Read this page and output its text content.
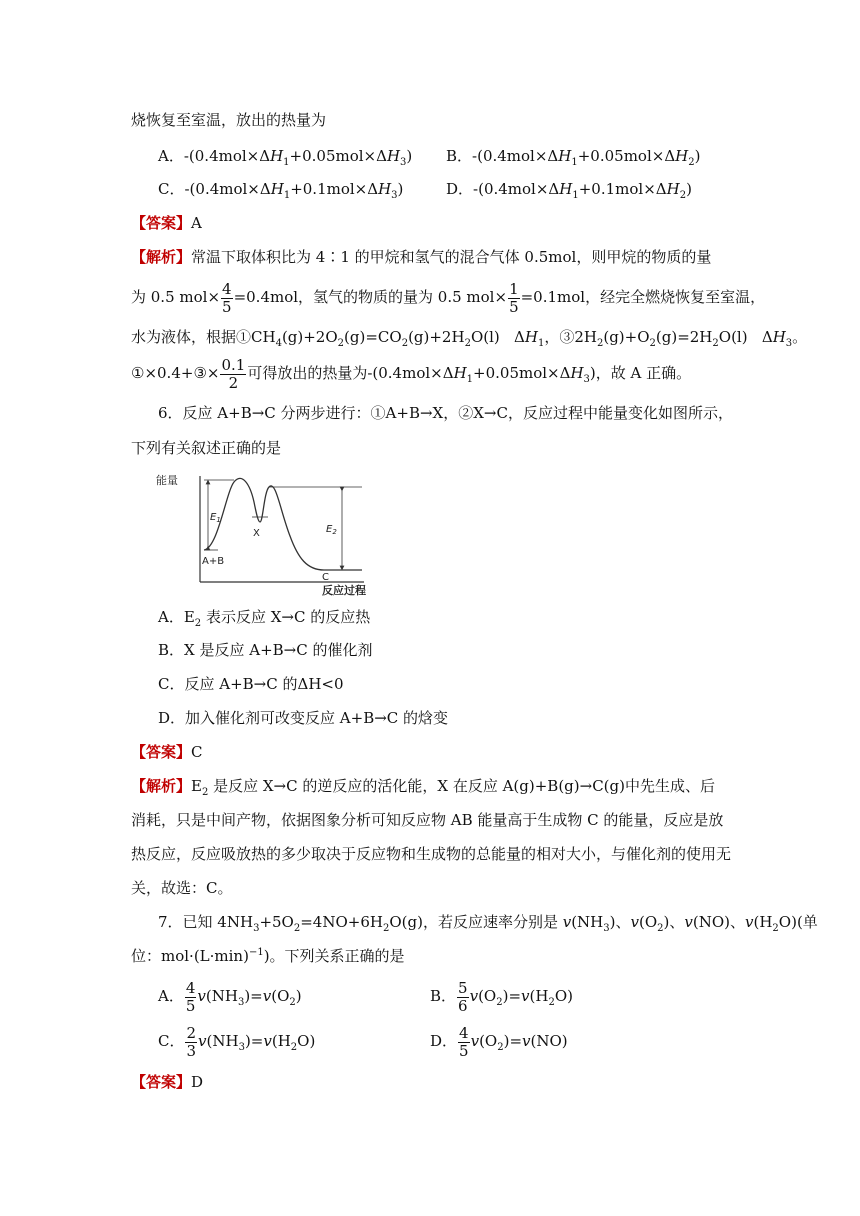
烧恢复至室温，放出的热量为
A．$-(0.4mol\times\Delta H_1+0.05mol\times\Delta H_3)$ B．$-(0.4mol\times\Delta H_1+0.05mol\times\Delta H_2)$
C．$-(0.4mol\times\Delta H_1+0.1mol\times\Delta H_3)$	D．$-(0.4mol\times\Delta H_1+0.1mol\times\Delta H_2)$
【答案】A
【解析】常温下取体积比为 4∶1 的甲烷和氢气的混合气体 0.5mol，则甲烷的物质的量
为 0.5 $mol\times \frac{4}{5} =0.4mol$，氢气的物质的量为 0.5 $mol\times \frac{1}{5} =0.1mol$，经完全燃烧恢复至室温，
水为液体，根据$①CH_4(g)+2O_2(g)=CO_2(g)+2H_2O(l)$   $\Delta H_1$，$③2H_2(g)+O_2(g)=2H_2O(l)$   $\Delta H_3$。
①×0.4+③× $\frac{0.1}{2}$ 可得放出的热量为$-(0.4mol\times\Delta H_1+0.05mol\times\Delta H_3)$，故 A 正确。
6．反应 A+B→C 分两步进行：①A+B→X，②X→C，反应过程中能量变化如图所示，
下列有关叙述正确的是
能量
反应过程
$E_1$
$E_2$
X
A+B
C
A．$E_2$ 表示反应 X→C 的反应热
B．X 是反应 A+B→C 的催化剂
C．反应 A+B→C 的ΔH<0
D．加入催化剂可改变反应 A+B→C 的焓变
【答案】C
【解析】$E_2$ 是反应 X→C 的逆反应的活化能，X 在反应 A(g)+B(g)→C(g)中先生成、后
消耗，只是中间产物，依据图象分析可知反应物 AB 能量高于生成物 C 的能量，反应是放
热反应，反应吸放热的多少取决于反应物和生成物的总能量的相对大小，与催化剂的使用无
关，故选：C。
7．已知 $4NH_3+5O_2=4NO+6H_2O(g)$，若反应速率分别是 $v(NH_3)$、$v(O_2)$、v(NO)、$v(H_2O)$(单
位：$mol\cdot(L\cdot\min)^{-1}$)。下列关系正确的是
A． $\frac{4}{5} v(NH_3)=v(O_2)$	B． $\frac{5}{6} v(O_2)=v(H_2O)$
C． $\frac{2}{3} v(NH_3)=v(H_2O)$	D． $\frac{4}{5} v(O_2)=v(NO)$
【答案】D
